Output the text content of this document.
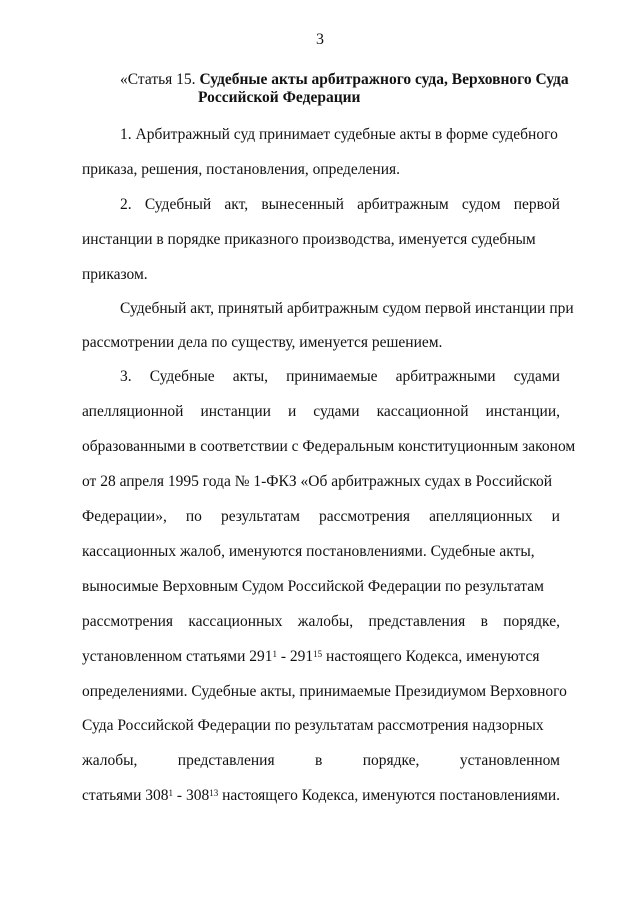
3
«Статья 15. Судебные акты арбитражного суда, Верховного Суда
Российской Федерации
1. Арбитражный суд принимает судебные акты в форме судебного
приказа, решения, постановления, определения.
2. Судебный акт, вынесенный арбитражным судом первой
инстанции в порядке приказного производства, именуется судебным
приказом.
Судебный акт, принятый арбитражным судом первой инстанции при
рассмотрении дела по существу, именуется решением.
3. Судебные акты, принимаемые арбитражными судами
апелляционной инстанции и судами кассационной инстанции,
образованными в соответствии с Федеральным конституционным законом
от 28 апреля 1995 года № 1-ФКЗ «Об арбитражных судах в Российской
Федерации», по результатам рассмотрения апелляционных и
кассационных жалоб, именуются постановлениями. Судебные акты,
выносимые Верховным Судом Российской Федерации по результатам
рассмотрения кассационных жалобы, представления в порядке,
установленном статьями $291^1 - 291^{15}$ настоящего Кодекса, именуются
определениями. Судебные акты, принимаемые Президиумом Верховного
Суда Российской Федерации по результатам рассмотрения надзорных
жалобы,	представления	в	порядке,	установленном
статьями $308^1 - 308^{13}$ настоящего Кодекса, именуются постановлениями.
